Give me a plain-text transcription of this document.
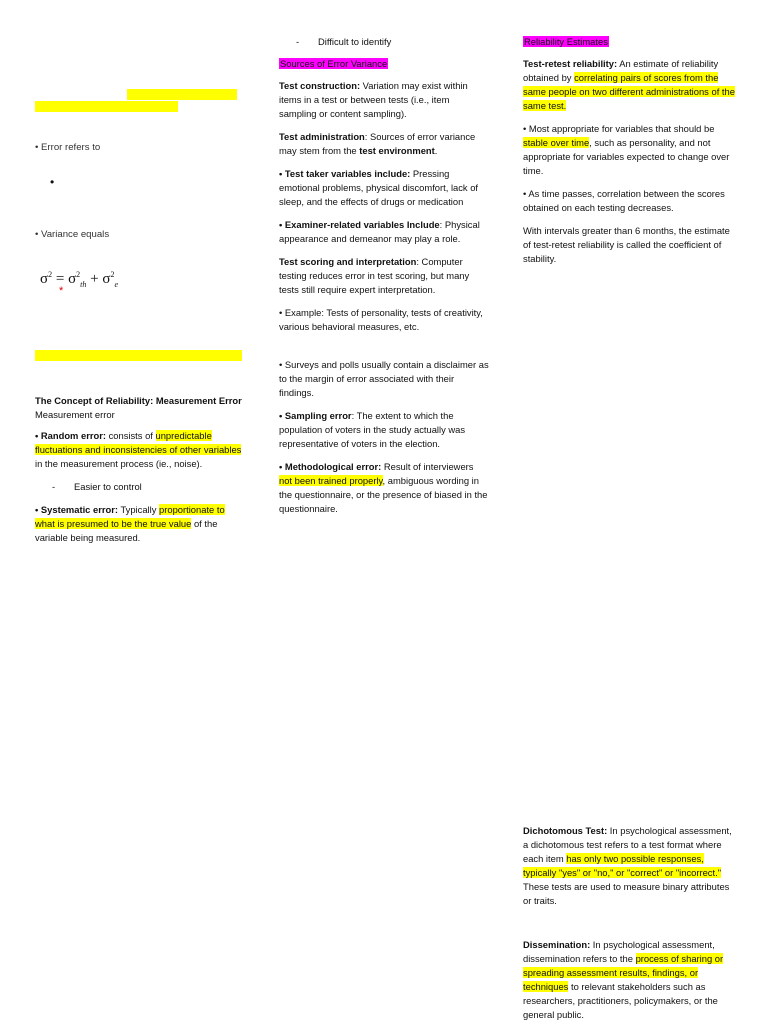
• Error refers to
•
• Variance equals
$\sigma^2 = \sigma^2_{th} + \sigma^2_e$
*

The Concept of Reliability: Measurement Error
Measurement error

• Random error: consists of unpredictable fluctuations and inconsistencies of other variables in the measurement process (ie., noise).

- Easier to control

• Systematic error: Typically proportionate to what is presumed to be the true value of the variable being measured.

- Difficult to identify

Sources of Error Variance

Test construction: Variation may exist within items in a test or between tests (i.e., item sampling or content sampling).

Test administration: Sources of error variance may stem from the test environment.

• Test taker variables include: Pressing emotional problems, physical discomfort, lack of sleep, and the effects of drugs or medication

• Examiner-related variables Include: Physical appearance and demeanor may play a role.

Test scoring and interpretation: Computer testing reduces error in test scoring, but many tests still require expert interpretation.

• Example: Tests of personality, tests of creativity, various behavioral measures, etc.

• Surveys and polls usually contain a disclaimer as to the margin of error associated with their findings.

• Sampling error: The extent to which the population of voters in the study actually was representative of voters in the election.

• Methodological error: Result of interviewers not been trained properly, ambiguous wording in the questionnaire, or the presence of biased in the questionnaire.

Reliability Estimates

Test-retest reliability: An estimate of reliability obtained by correlating pairs of scores from the same people on two different administrations of the same test.

• Most appropriate for variables that should be stable over time, such as personality, and not appropriate for variables expected to change over time.

• As time passes, correlation between the scores obtained on each testing decreases.

With intervals greater than 6 months, the estimate of test-retest reliability is called the coefficient of stability.

Dichotomous Test: In psychological assessment, a dichotomous test refers to a test format where each item has only two possible responses, typically "yes" or "no," or "correct" or "incorrect." These tests are used to measure binary attributes or traits.
Dissemination: In psychological assessment, dissemination refers to the process of sharing or spreading assessment results, findings, or techniques to relevant stakeholders such as researchers, practitioners, policymakers, or the general public.
